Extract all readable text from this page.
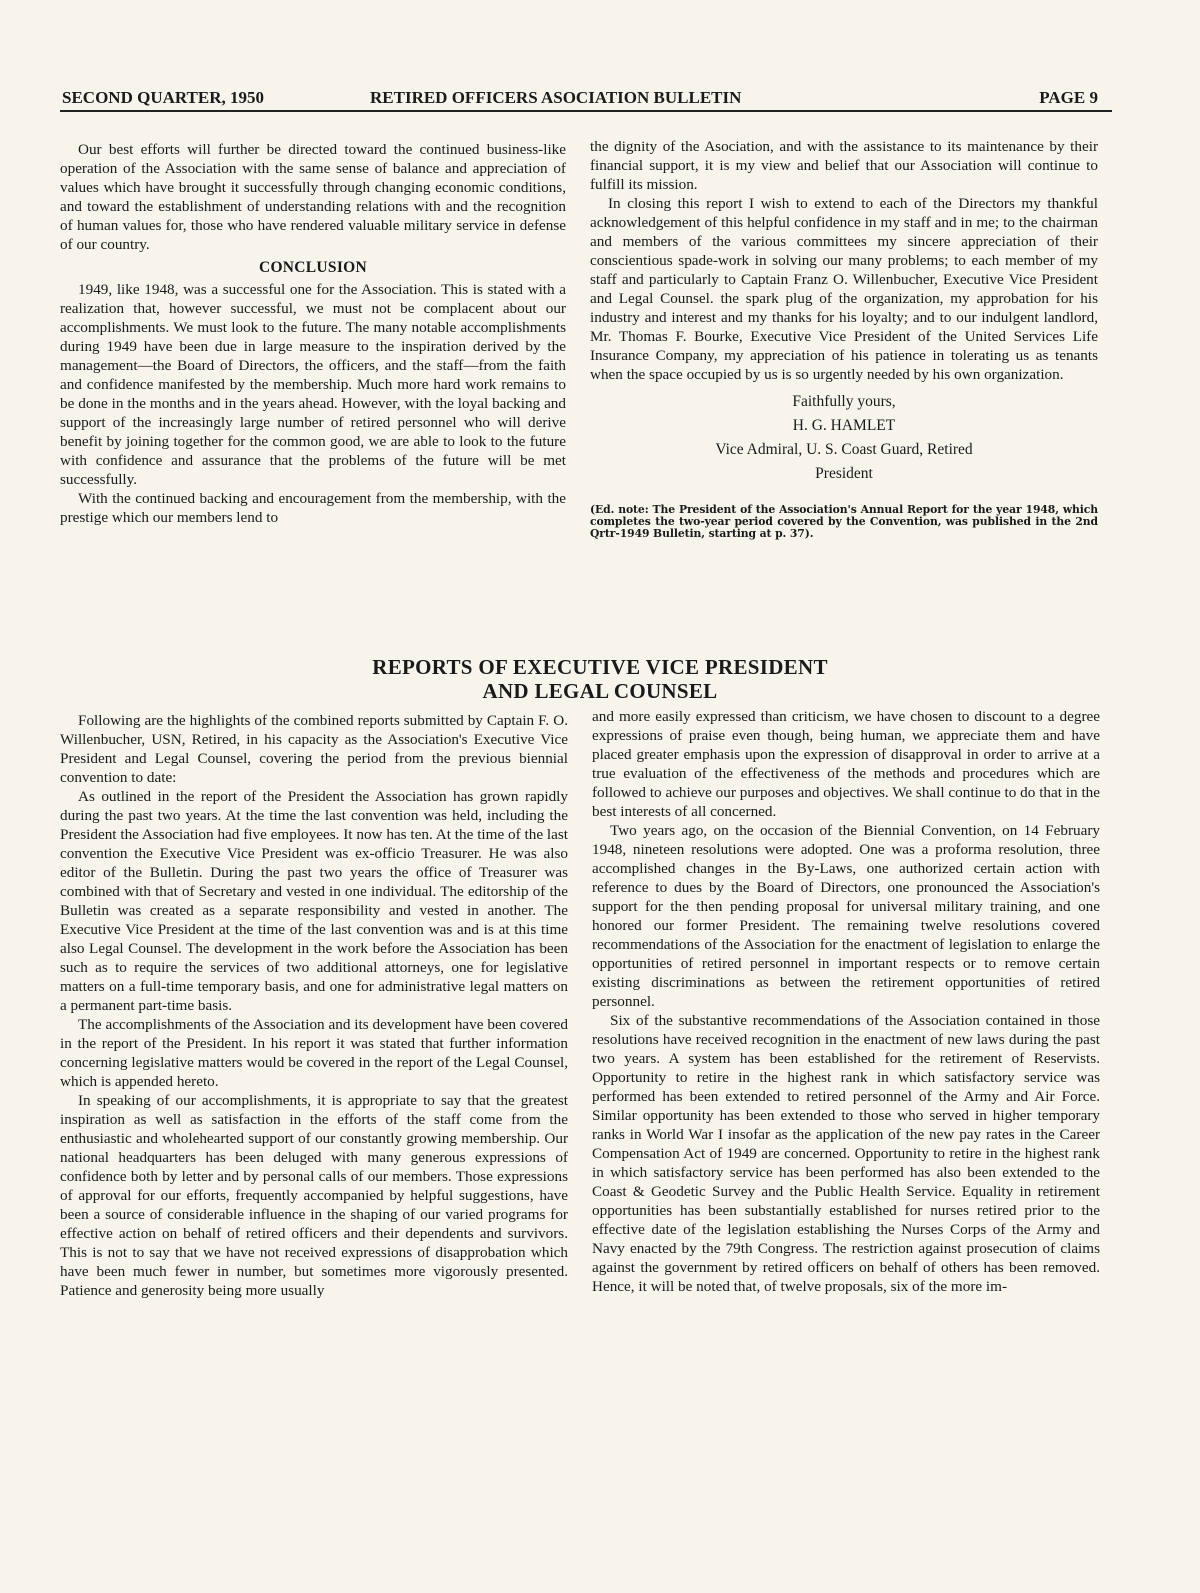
SECOND QUARTER, 1950	RETIRED OFFICERS ASOCIATION BULLETIN	PAGE 9

Our best efforts will further be directed toward the continued business-like operation of the Association with the same sense of balance and appreciation of values which have brought it successfully through changing economic conditions, and toward the establishment of understanding relations with and the recognition of human values for, those who have rendered valuable military service in defense of our country.

CONCLUSION

1949, like 1948, was a successful one for the Association. This is stated with a realization that, however successful, we must not be complacent about our accomplishments. We must look to the future. The many notable accomplishments during 1949 have been due in large measure to the inspiration derived by the management—the Board of Directors, the officers, and the staff—from the faith and confidence manifested by the membership. Much more hard work remains to be done in the months and in the years ahead. However, with the loyal backing and support of the increasingly large number of retired personnel who will derive benefit by joining together for the common good, we are able to look to the future with confidence and assurance that the problems of the future will be met successfully.

With the continued backing and encouragement from the membership, with the prestige which our members lend to

the dignity of the Asociation, and with the assistance to its maintenance by their financial support, it is my view and belief that our Association will continue to fulfill its mission.

In closing this report I wish to extend to each of the Directors my thankful acknowledgement of this helpful confidence in my staff and in me; to the chairman and members of the various committees my sincere appreciation of their conscientious spade-work in solving our many problems; to each member of my staff and particularly to Captain Franz O. Willenbucher, Executive Vice President and Legal Counsel. the spark plug of the organization, my approbation for his industry and interest and my thanks for his loyalty; and to our indulgent landlord, Mr. Thomas F. Bourke, Executive Vice President of the United Services Life Insurance Company, my appreciation of his patience in tolerating us as tenants when the space occupied by us is so urgently needed by his own organization.

Faithfully yours,
H. G. HAMLET
Vice Admiral, U. S. Coast Guard, Retired
President
(Ed. note: The President of the Association's Annual Report for the year 1948, which completes the two-year period covered by the Convention, was published in the 2nd Qrtr-1949 Bulletin, starting at p. 37).
REPORTS OF EXECUTIVE VICE PRESIDENT
AND LEGAL COUNSEL

Following are the highlights of the combined reports submitted by Captain F. O. Willenbucher, USN, Retired, in his capacity as the Association's Executive Vice President and Legal Counsel, covering the period from the previous biennial convention to date:

As outlined in the report of the President the Association has grown rapidly during the past two years. At the time the last convention was held, including the President the Association had five employees. It now has ten. At the time of the last convention the Executive Vice President was ex-officio Treasurer. He was also editor of the Bulletin. During the past two years the office of Treasurer was combined with that of Secretary and vested in one individual. The editorship of the Bulletin was created as a separate responsibility and vested in another. The Executive Vice President at the time of the last convention was and is at this time also Legal Counsel. The development in the work before the Association has been such as to require the services of two additional attorneys, one for legislative matters on a full-time temporary basis, and one for administrative legal matters on a permanent part-time basis.

The accomplishments of the Association and its development have been covered in the report of the President. In his report it was stated that further information concerning legislative matters would be covered in the report of the Legal Counsel, which is appended hereto.

In speaking of our accomplishments, it is appropriate to say that the greatest inspiration as well as satisfaction in the efforts of the staff come from the enthusiastic and wholehearted support of our constantly growing membership. Our national headquarters has been deluged with many generous expressions of confidence both by letter and by personal calls of our members. Those expressions of approval for our efforts, frequently accompanied by helpful suggestions, have been a source of considerable influence in the shaping of our varied programs for effective action on behalf of retired officers and their dependents and survivors. This is not to say that we have not received expressions of disapprobation which have been much fewer in number, but sometimes more vigorously presented. Patience and generosity being more usually

and more easily expressed than criticism, we have chosen to discount to a degree expressions of praise even though, being human, we appreciate them and have placed greater emphasis upon the expression of disapproval in order to arrive at a true evaluation of the effectiveness of the methods and procedures which are followed to achieve our purposes and objectives. We shall continue to do that in the best interests of all concerned.

Two years ago, on the occasion of the Biennial Convention, on 14 February 1948, nineteen resolutions were adopted. One was a proforma resolution, three accomplished changes in the By-Laws, one authorized certain action with reference to dues by the Board of Directors, one pronounced the Association's support for the then pending proposal for universal military training, and one honored our former President. The remaining twelve resolutions covered recommendations of the Association for the enactment of legislation to enlarge the opportunities of retired personnel in important respects or to remove certain existing discriminations as between the retirement opportunities of retired personnel.

Six of the substantive recommendations of the Association contained in those resolutions have received recognition in the enactment of new laws during the past two years. A system has been established for the retirement of Reservists. Opportunity to retire in the highest rank in which satisfactory service was performed has been extended to retired personnel of the Army and Air Force. Similar opportunity has been extended to those who served in higher temporary ranks in World War I insofar as the application of the new pay rates in the Career Compensation Act of 1949 are concerned. Opportunity to retire in the highest rank in which satisfactory service has been performed has also been extended to the Coast & Geodetic Survey and the Public Health Service. Equality in retirement opportunities has been substantially established for nurses retired prior to the effective date of the legislation establishing the Nurses Corps of the Army and Navy enacted by the 79th Congress. The restriction against prosecution of claims against the government by retired officers on behalf of others has been removed. Hence, it will be noted that, of twelve proposals, six of the more im-
